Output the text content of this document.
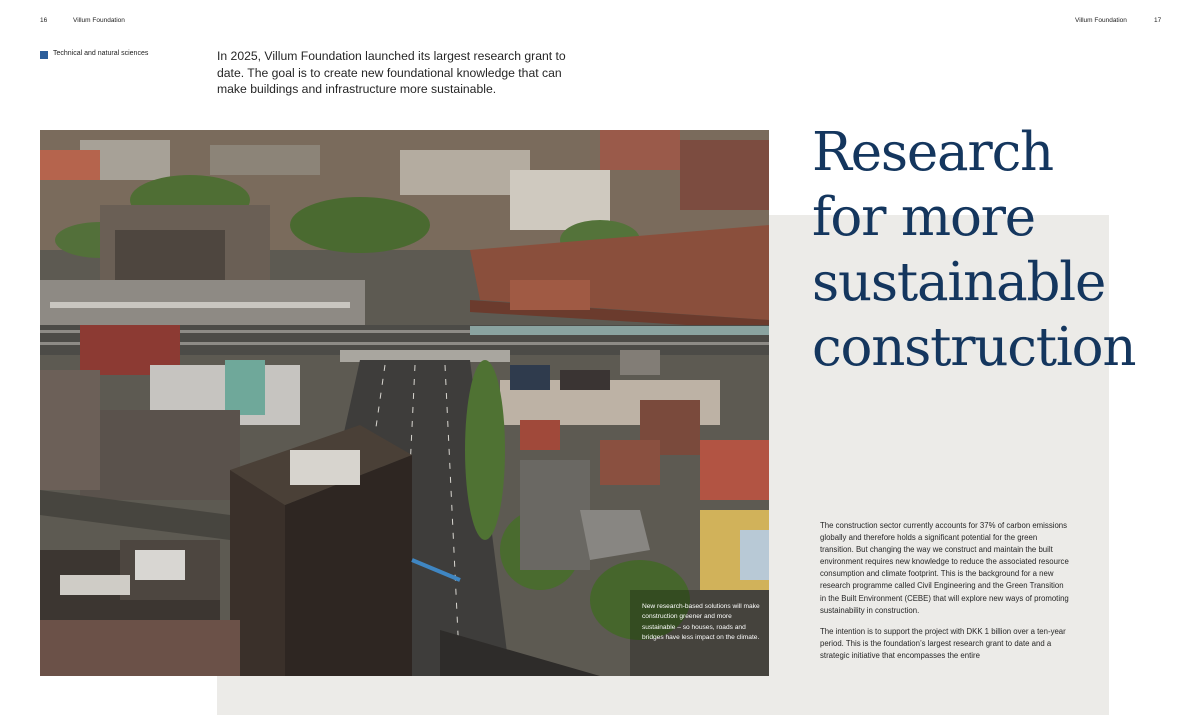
16	Villum Foundation	Villum Foundation	17
Technical and natural sciences	In 2025, Villum Foundation launched its largest research grant to date. The goal is to create new foundational knowledge that can make buildings and infrastructure more sustainable.
New research-based solutions will make construction greener and more sustainable – so houses, roads and bridges have less impact on the climate.
Research
for more
sustainable
construction

The construction sector currently accounts for 37% of carbon emissions globally and therefore holds a significant potential for the green transition. But changing the way we construct and maintain the built environment requires new knowledge to reduce the associated resource consumption and climate footprint. This is the background for a new research programme called Civil Engineering and the Green Transition in the Built Environment (CEBE) that will explore new ways of promoting sustainability in construction.

The intention is to support the project with DKK 1 billion over a ten-year period. This is the foundation’s largest research grant to date and a strategic initiative that encompasses the entire
